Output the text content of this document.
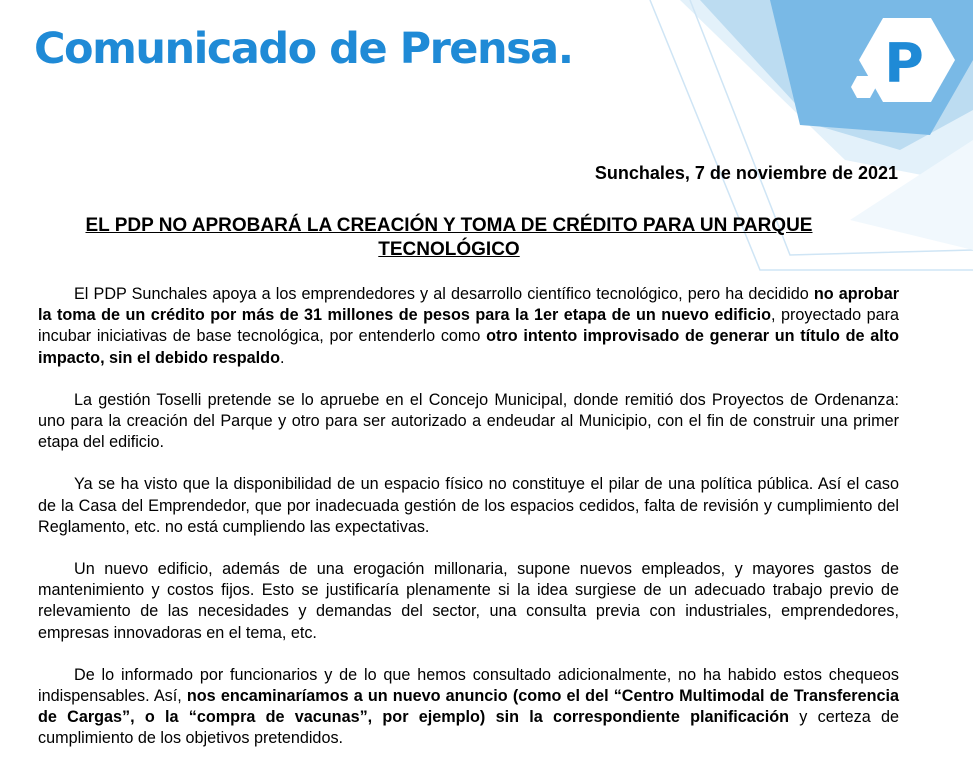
P
Comunicado de Prensa.
Sunchales, 7 de noviembre de 2021
EL PDP NO APROBARÁ LA CREACIÓN Y TOMA DE CRÉDITO PARA UN PARQUE TECNOLÓGICO

El PDP Sunchales apoya a los emprendedores y al desarrollo científico tecnológico, pero ha decidido no aprobar la toma de un crédito por más de 31 millones de pesos para la 1er etapa de un nuevo edificio, proyectado para incubar iniciativas de base tecnológica, por entenderlo como otro intento improvisado de generar un título de alto impacto, sin el debido respaldo.

La gestión Toselli pretende se lo apruebe en el Concejo Municipal, donde remitió dos Proyectos de Ordenanza: uno para la creación del Parque y otro para ser autorizado a endeudar al Municipio, con el fin de construir una primer etapa del edificio.

Ya se ha visto que la disponibilidad de un espacio físico no constituye el pilar de una política pública. Así el caso de la Casa del Emprendedor, que por inadecuada gestión de los espacios cedidos, falta de revisión y cumplimiento del Reglamento, etc. no está cumpliendo las expectativas.

Un nuevo edificio, además de una erogación millonaria, supone nuevos empleados, y mayores gastos de mantenimiento y costos fijos. Esto se justificaría plenamente si la idea surgiese de un adecuado trabajo previo de relevamiento de las necesidades y demandas del sector, una consulta previa con industriales, emprendedores, empresas innovadoras en el tema, etc.

De lo informado por funcionarios y de lo que hemos consultado adicionalmente, no ha habido estos chequeos indispensables. Así, nos encaminaríamos a un nuevo anuncio (como el del “Centro Multimodal de Transferencia de Cargas”, o la “compra de vacunas”, por ejemplo) sin la correspondiente planificación y certeza de cumplimiento de los objetivos pretendidos.
